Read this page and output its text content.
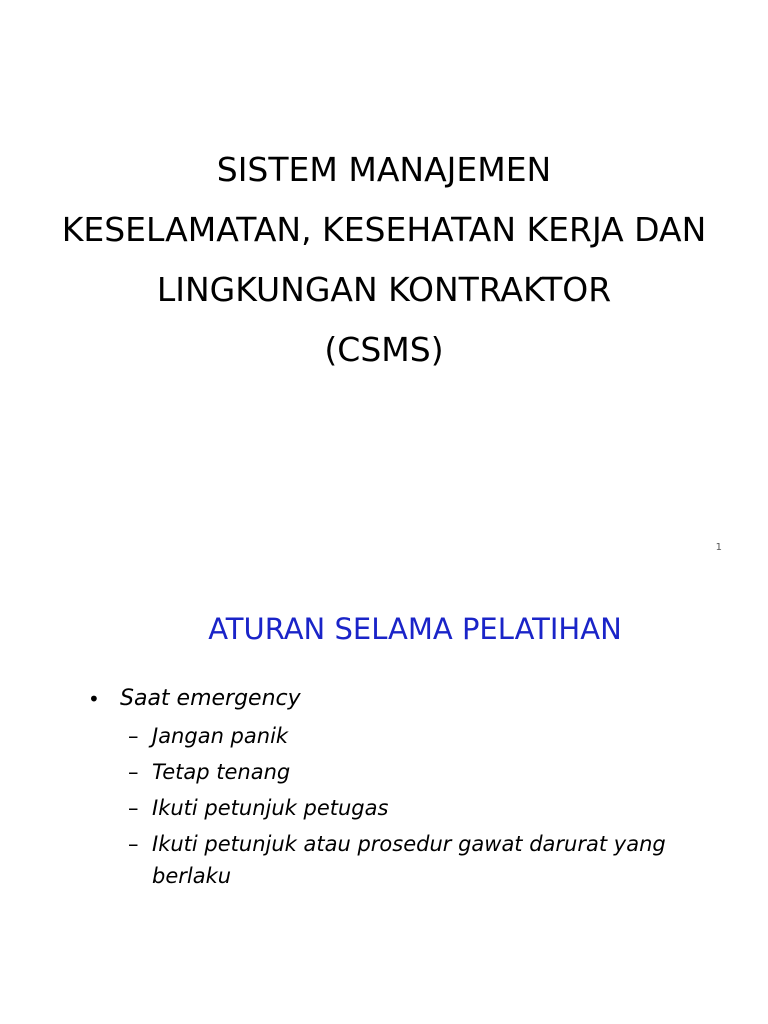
SISTEM MANAJEMEN
KESELAMATAN, KESEHATAN KERJA DAN
LINGKUNGAN KONTRAKTOR
(CSMS)
1
ATURAN SELAMA PELATIHAN
• Saat emergency
– Jangan panik
– Tetap tenang
– Ikuti petunjuk petugas
– Ikuti petunjuk atau prosedur gawat darurat yang berlaku
